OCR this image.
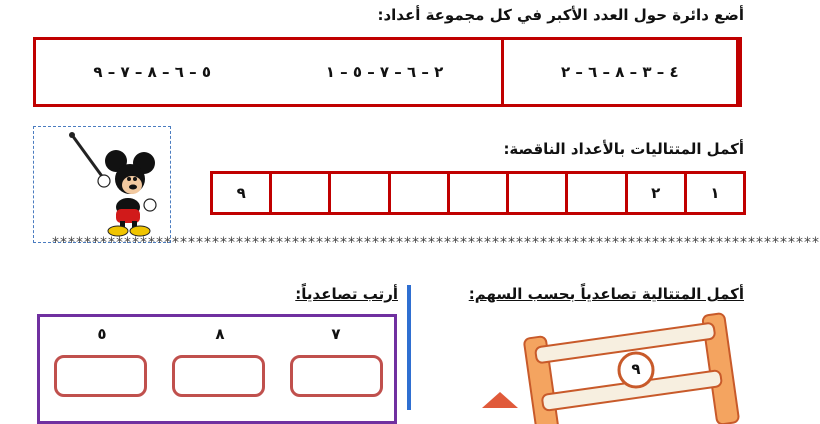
أضع دائرة حول العدد الأكبر في كل مجموعة أعداد:
٥ – ٦ – ٨ – ٧ – ٩	٢ – ٦ – ٧ – ٥ – ١	٤ – ٣ – ٨ – ٦ – ٢
أكمل المتتاليات بالأعداد الناقصة:
١
٢
٩
************************************************************************************************
أكمل المتتالية تصاعدياً بحسب السهم:
٩
أرتب تصاعدياً:
٧
٨
٥
